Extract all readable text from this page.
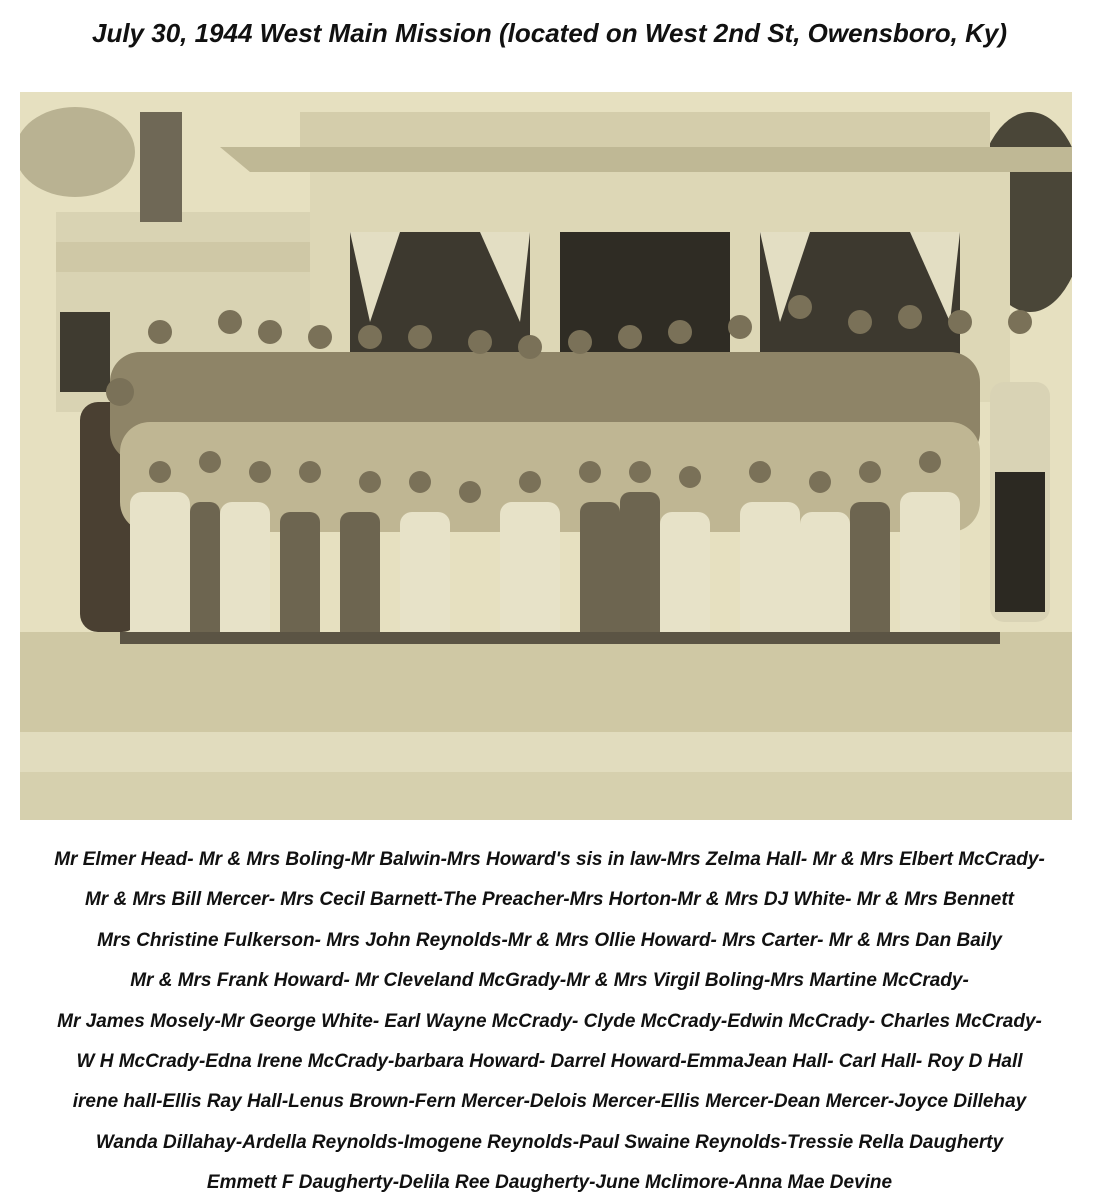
July 30, 1944 West Main Mission (located on West 2nd St, Owensboro, Ky)
Mr Elmer Head- Mr & Mrs Boling-Mr Balwin-Mrs Howard's sis in law-Mrs Zelma Hall- Mr & Mrs Elbert McCrady-
Mr & Mrs Bill Mercer- Mrs Cecil Barnett-The Preacher-Mrs Horton-Mr & Mrs DJ White- Mr & Mrs Bennett
Mrs Christine Fulkerson- Mrs John Reynolds-Mr & Mrs Ollie Howard- Mrs Carter- Mr & Mrs Dan Baily
Mr & Mrs Frank Howard- Mr Cleveland McGrady-Mr & Mrs Virgil Boling-Mrs Martine McCrady-
Mr James Mosely-Mr George White- Earl Wayne McCrady- Clyde McCrady-Edwin McCrady- Charles McCrady-
W H McCrady-Edna Irene McCrady-barbara Howard- Darrel Howard-EmmaJean Hall- Carl Hall- Roy D Hall
irene hall-Ellis Ray Hall-Lenus Brown-Fern Mercer-Delois Mercer-Ellis Mercer-Dean Mercer-Joyce Dillehay
Wanda Dillahay-Ardella Reynolds-Imogene Reynolds-Paul Swaine Reynolds-Tressie Rella Daugherty
Emmett F Daugherty-Delila Ree Daugherty-June Mclimore-Anna Mae Devine
